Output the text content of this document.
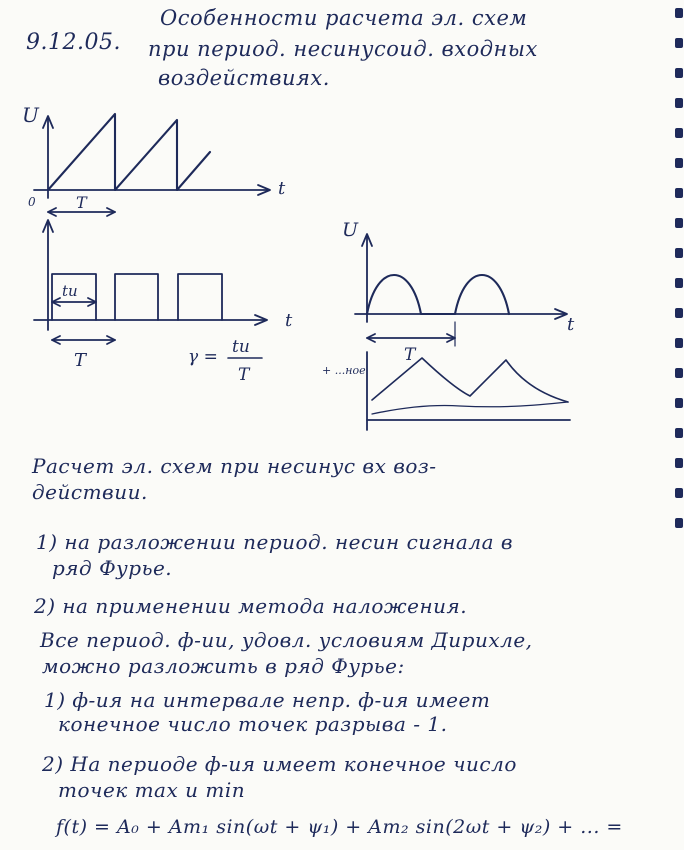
9.12.05.
Особенности расчета эл. схем
при период. несинусоид. входных
воздействиях.
U
t
0	T
tu
t
T	γ = tu
T
U
t
T
+ ...ное
Расчет эл. схем при несинус вх воз-
действии.
1) на разложении период. несин сигнала в
ряд Фурье.
2) на применении метода наложения.
Все период. ф-ии, удовл. условиям Дирихле,
можно разложить в ряд Фурье:
1) ф-ия на интервале непр. ф-ия имеет
конечное число точек разрыва - 1.
2) На периоде ф-ия имеет конечное число
точек max и min
f(t) = A₀ + Am₁ sin(ωt + ψ₁) + Am₂ sin(2ωt + ψ₂) + ... =
